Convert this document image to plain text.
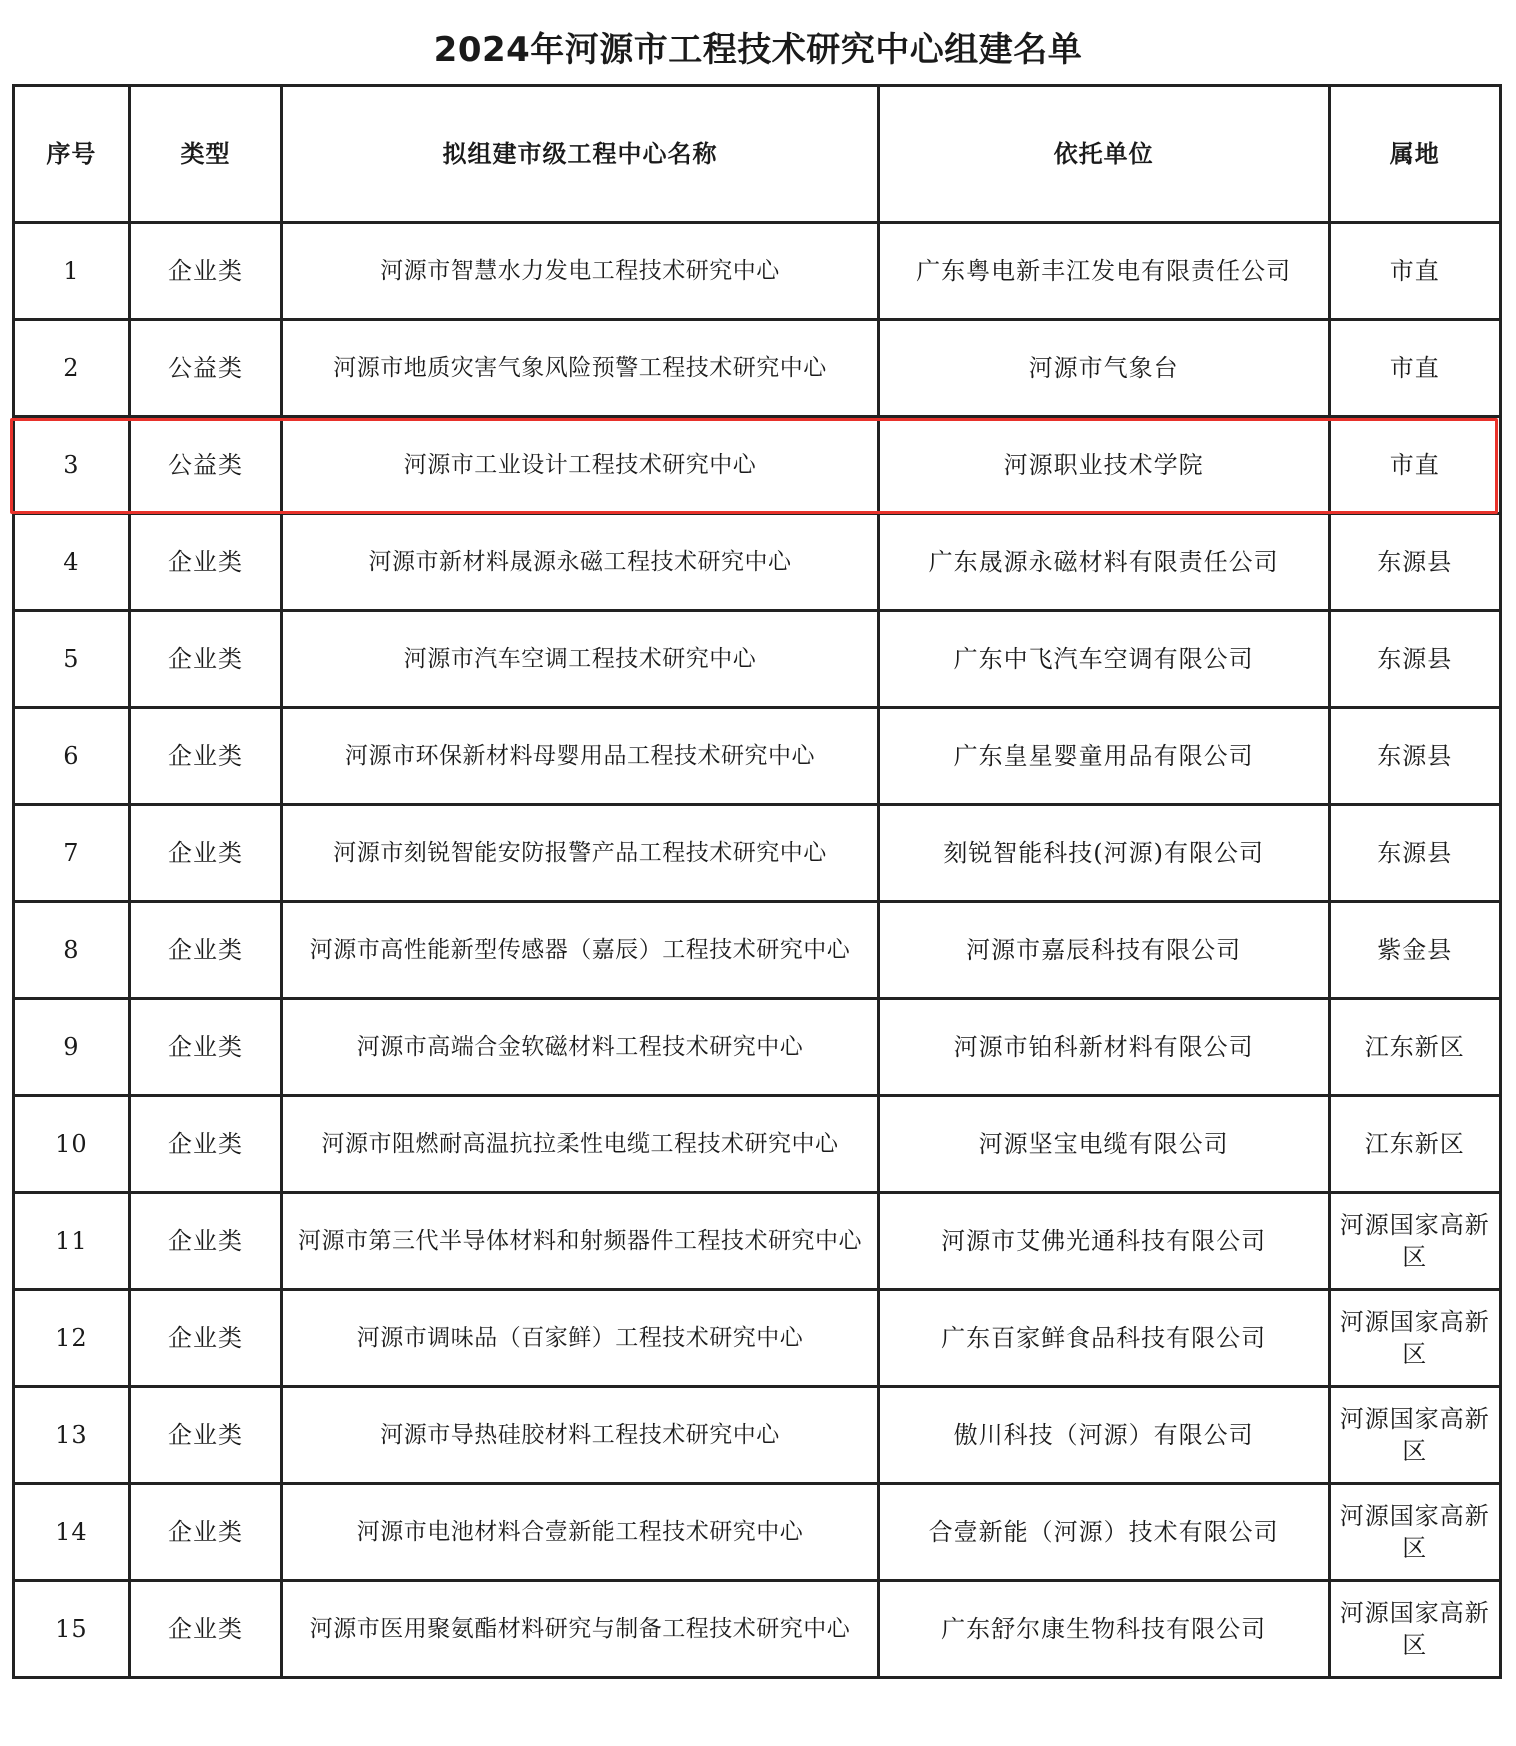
2024年河源市工程技术研究中心组建名单
序号	类型	拟组建市级工程中心名称	依托单位	属地
1	企业类	河源市智慧水力发电工程技术研究中心	广东粤电新丰江发电有限责任公司	市直
2	公益类	河源市地质灾害气象风险预警工程技术研究中心	河源市气象台	市直
3	公益类	河源市工业设计工程技术研究中心	河源职业技术学院	市直
4	企业类	河源市新材料晟源永磁工程技术研究中心	广东晟源永磁材料有限责任公司	东源县
5	企业类	河源市汽车空调工程技术研究中心	广东中飞汽车空调有限公司	东源县
6	企业类	河源市环保新材料母婴用品工程技术研究中心	广东皇星婴童用品有限公司	东源县
7	企业类	河源市刻锐智能安防报警产品工程技术研究中心	刻锐智能科技(河源)有限公司	东源县
8	企业类	河源市高性能新型传感器（嘉辰）工程技术研究中心	河源市嘉辰科技有限公司	紫金县
9	企业类	河源市高端合金软磁材料工程技术研究中心	河源市铂科新材料有限公司	江东新区
10	企业类	河源市阻燃耐高温抗拉柔性电缆工程技术研究中心	河源坚宝电缆有限公司	江东新区
11	企业类	河源市第三代半导体材料和射频器件工程技术研究中心	河源市艾佛光通科技有限公司	河源国家高新区
12	企业类	河源市调味品（百家鲜）工程技术研究中心	广东百家鲜食品科技有限公司	河源国家高新区
13	企业类	河源市导热硅胶材料工程技术研究中心	傲川科技（河源）有限公司	河源国家高新区
14	企业类	河源市电池材料合壹新能工程技术研究中心	合壹新能（河源）技术有限公司	河源国家高新区
15	企业类	河源市医用聚氨酯材料研究与制备工程技术研究中心	广东舒尔康生物科技有限公司	河源国家高新区
